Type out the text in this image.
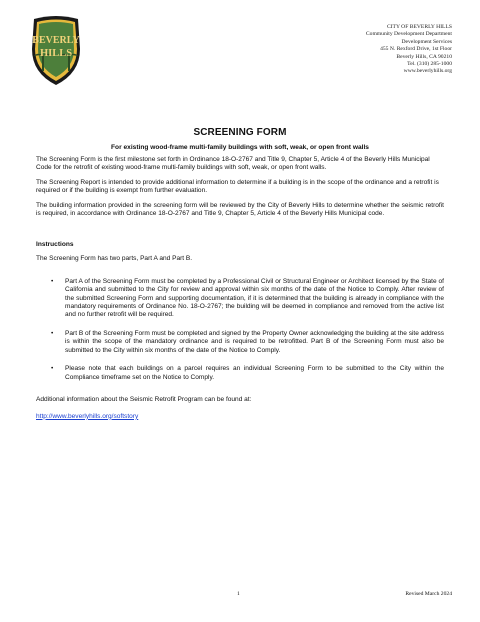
BEVERLY
HILLS
CITY OF BEVERLY HILLS
Community Development Department
Development Services
455 N. Rexford Drive, 1st Floor
Beverly Hills, CA 90210
Tel. (310) 285-1000
www.beverlyhills.org
SCREENING FORM
For existing wood-frame multi-family buildings with soft, weak, or open front walls

The Screening Form is the first milestone set forth in Ordinance 18-O-2767 and Title 9, Chapter 5, Article 4 of the Beverly Hills Municipal Code for the retrofit of existing wood-frame multi-family buildings with soft, weak, or open front walls.

The Screening Report is intended to provide additional information to determine if a building is in the scope of the ordinance and a retrofit is required or if the building is exempt from further evaluation.

The building information provided in the screening form will be reviewed by the City of Beverly Hills to determine whether the seismic retrofit is required, in accordance with Ordinance 18-O-2767 and Title 9, Chapter 5, Article 4 of the Beverly Hills Municipal code.

Instructions

The Screening Form has two parts, Part A and Part B.

• Part A of the Screening Form must be completed by a Professional Civil or Structural Engineer or Architect licensed by the State of California and submitted to the City for review and approval within six months of the date of the Notice to Comply. After review of the submitted Screening Form and supporting documentation, if it is determined that the building is already in compliance with the mandatory requirements of Ordinance No. 18-O-2767; the building will be deemed in compliance and removed from the active list and no further retrofit will be required.

• Part B of the Screening Form must be completed and signed by the Property Owner acknowledging the building at the site address is within the scope of the mandatory ordinance and is required to be retrofitted. Part B of the Screening Form must also be submitted to the City within six months of the date of the Notice to Comply.

• Please note that each buildings on a parcel requires an individual Screening Form to be submitted to the City within the Compliance timeframe set on the Notice to Comply.

Additional information about the Seismic Retrofit Program can be found at:

http://www.beverlyhills.org/softstory
1	Revised March 2024
